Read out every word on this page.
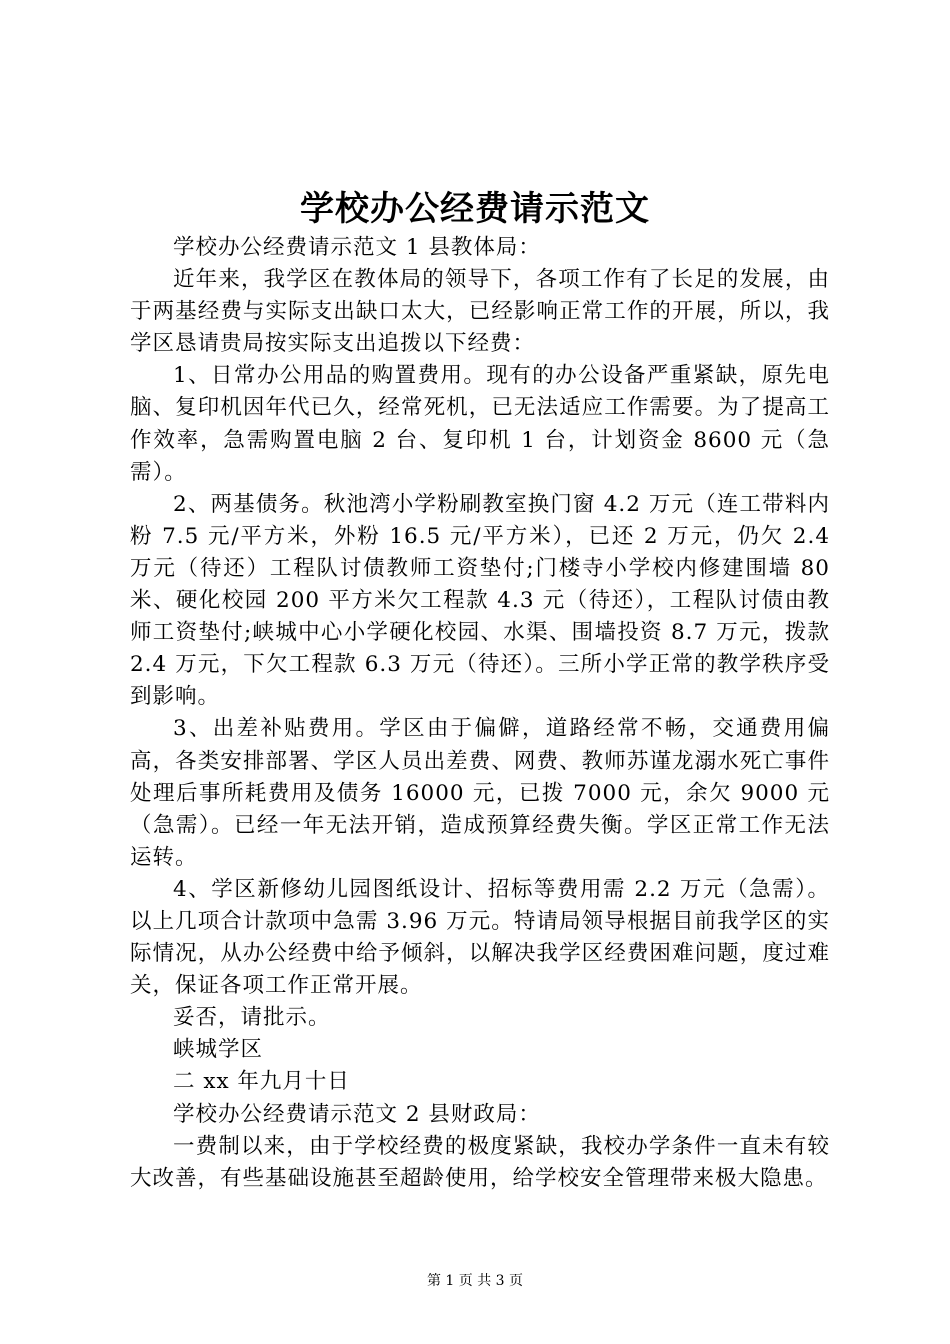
学校办公经费请示范文

学校办公经费请示范文 1 县教体局：

近年来，我学区在教体局的领导下，各项工作有了长足的发展，由于两基经费与实际支出缺口太大，已经影响正常工作的开展，所以，我学区恳请贵局按实际支出追拨以下经费：

1、日常办公用品的购置费用。现有的办公设备严重紧缺，原先电脑、复印机因年代已久，经常死机，已无法适应工作需要。为了提高工作效率，急需购置电脑 2 台、复印机 1 台，计划资金 8600 元（急需）。

2、两基债务。秋池湾小学粉刷教室换门窗 4.2 万元（连工带料内粉 7.5 元/平方米，外粉 16.5 元/平方米），已还 2 万元，仍欠 2.4 万元（待还）工程队讨债教师工资垫付;门楼寺小学校内修建围墙 80 米、硬化校园 200 平方米欠工程款 4.3 元（待还），工程队讨债由教师工资垫付;峡城中心小学硬化校园、水渠、围墙投资 8.7 万元，拨款 2.4 万元，下欠工程款 6.3 万元（待还）。三所小学正常的教学秩序受到影响。

3、出差补贴费用。学区由于偏僻，道路经常不畅，交通费用偏高，各类安排部署、学区人员出差费、网费、教师苏谨龙溺水死亡事件处理后事所耗费用及债务 16000 元，已拨 7000 元，余欠 9000 元（急需）。已经一年无法开销，造成预算经费失衡。学区正常工作无法运转。

4、学区新修幼儿园图纸设计、招标等费用需 2.2 万元（急需）。以上几项合计款项中急需 3.96 万元。特请局领导根据目前我学区的实际情况，从办公经费中给予倾斜，以解决我学区经费困难问题，度过难关，保证各项工作正常开展。

妥否，请批示。

峡城学区

二 xx 年九月十日

学校办公经费请示范文 2 县财政局：

一费制以来，由于学校经费的极度紧缺，我校办学条件一直未有较大改善，有些基础设施甚至超龄使用，给学校安全管理带来极大隐患。

第 1 页 共 3 页
